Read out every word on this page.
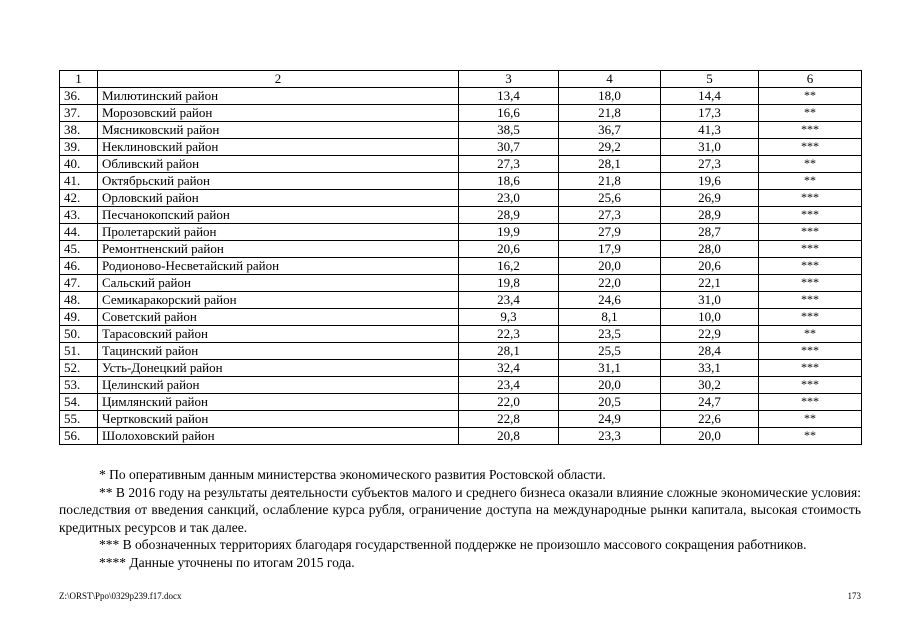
1	2	3	4	5	6
36.	Милютинский район	13,4	18,0	14,4	**
37.	Морозовский район	16,6	21,8	17,3	**
38.	Мясниковский район	38,5	36,7	41,3	***
39.	Неклиновский район	30,7	29,2	31,0	***
40.	Обливский район	27,3	28,1	27,3	**
41.	Октябрьский район	18,6	21,8	19,6	**
42.	Орловский район	23,0	25,6	26,9	***
43.	Песчанокопский район	28,9	27,3	28,9	***
44.	Пролетарский район	19,9	27,9	28,7	***
45.	Ремонтненский район	20,6	17,9	28,0	***
46.	Родионово-Несветайский район	16,2	20,0	20,6	***
47.	Сальский район	19,8	22,0	22,1	***
48.	Семикаракорский район	23,4	24,6	31,0	***
49.	Советский район	9,3	8,1	10,0	***
50.	Тарасовский район	22,3	23,5	22,9	**
51.	Тацинский район	28,1	25,5	28,4	***
52.	Усть-Донецкий район	32,4	31,1	33,1	***
53.	Целинский район	23,4	20,0	30,2	***
54.	Цимлянский район	22,0	20,5	24,7	***
55.	Чертковский район	22,8	24,9	22,6	**
56.	Шолоховский район	20,8	23,3	20,0	**

* По оперативным данным министерства экономического развития Ростовской области.

** В 2016 году на результаты деятельности субъектов малого и среднего бизнеса оказали влияние сложные экономические условия: последствия от введения санкций, ослабление курса рубля, ограничение доступа на международные рынки капитала, высокая стоимость кредитных ресурсов и так далее.

*** В обозначенных территориях благодаря государственной поддержке не произошло массового сокращения работников.

**** Данные уточнены по итогам 2015 года.

Z:\ORST\Ppo\0329p239.f17.docx	173
